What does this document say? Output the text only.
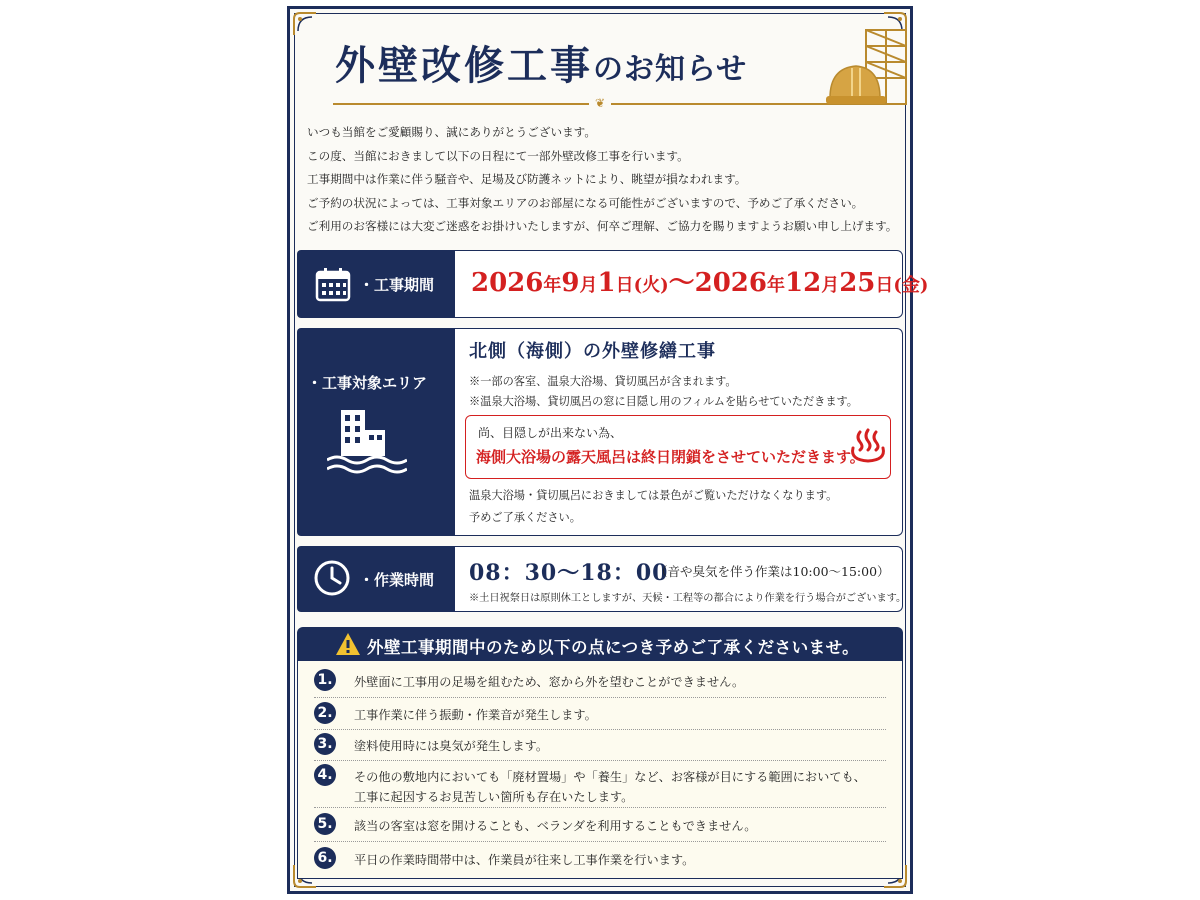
外壁改修工事のお知らせ
❦
いつも当館をご愛顧賜り、誠にありがとうございます。
この度、当館におきまして以下の日程にて一部外壁改修工事を行います。
工事期間中は作業に伴う騒音や、足場及び防護ネットにより、眺望が損なわれます。
ご予約の状況によっては、工事対象エリアのお部屋になる可能性がございますので、予めご了承ください。
ご利用のお客様には大変ご迷惑をお掛けいたしますが、何卒ご理解、ご協力を賜りますようお願い申し上げます。
・工事期間 2026年9月1日(火)〜2026年12月25日(金)
・工事対象エリア
北側（海側）の外壁修繕工事
※一部の客室、温泉大浴場、貸切風呂が含まれます。
※温泉大浴場、貸切風呂の窓に目隠し用のフィルムを貼らせていただきます。
尚、目隠しが出来ない為、
海側大浴場の露天風呂は終日閉鎖をさせていただきます。
温泉大浴場・貸切風呂におきましては景色がご覧いただけなくなります。
予めご了承ください。
・作業時間 08：30〜18：00
（音や臭気を伴う作業は10:00〜15:00）
※土日祝祭日は原則休工としますが、天候・工程等の都合により作業を行う場合がございます。
外壁工事期間中のため以下の点につき予めご了承くださいませ。
1. 外壁面に工事用の足場を組むため、窓から外を望むことができません。
2. 工事作業に伴う振動・作業音が発生します。
3. 塗料使用時には臭気が発生します。
4. その他の敷地内においても「廃材置場」や「養生」など、お客様が目にする範囲においても、
工事に起因するお見苦しい箇所も存在いたします。
5. 該当の客室は窓を開けることも、ベランダを利用することもできません。
6. 平日の作業時間帯中は、作業員が往来し工事作業を行います。
